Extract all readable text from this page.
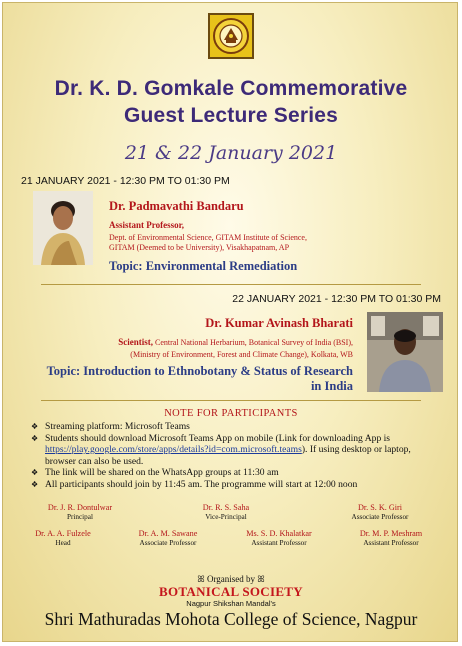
Dr. K. D. Gomkale Commemorative
Guest Lecture Series
21 & 22 January 2021
21 JANUARY 2021 - 12:30 PM TO 01:30 PM
Dr. Padmavathi Bandaru
Assistant Professor,
Dept. of Environmental Science, GITAM Institute of Science,
GITAM (Deemed to be University), Visakhapatnam, AP
Topic: Environmental Remediation
22 JANUARY 2021 - 12:30 PM TO 01:30 PM
Dr. Kumar Avinash Bharati
Scientist, Central National Herbarium, Botanical Survey of India (BSI),
(Ministry of Environment, Forest and Climate Change), Kolkata, WB
Topic: Introduction to Ethnobotany & Status of Research
in India
NOTE FOR PARTICIPANTS
❖ Streaming platform: Microsoft Teams
❖ Students should download Microsoft Teams App on mobile (Link for downloading App is https://play.google.com/store/apps/details?id=com.microsoft.teams). If using desktop or laptop, browser can also be used.
❖ The link will be shared on the WhatsApp groups at 11:30 am
❖ All participants should join by 11:45 am. The programme will start at 12:00 noon
Dr. J. R. Dontulwar
Principal
Dr. R. S. Saha
Vice-Principal
Dr. S. K. Giri
Associate Professor
Dr. A. A. Fulzele
Head
Dr. A. M. Sawane
Associate Professor
Ms. S. D. Khalatkar
Assistant Professor
Dr. M. P. Meshram
Assistant Professor
ꕤ Organised by ꕤ
BOTANICAL SOCIETY
Nagpur Shikshan Mandal's
Shri Mathuradas Mohota College of Science, Nagpur
